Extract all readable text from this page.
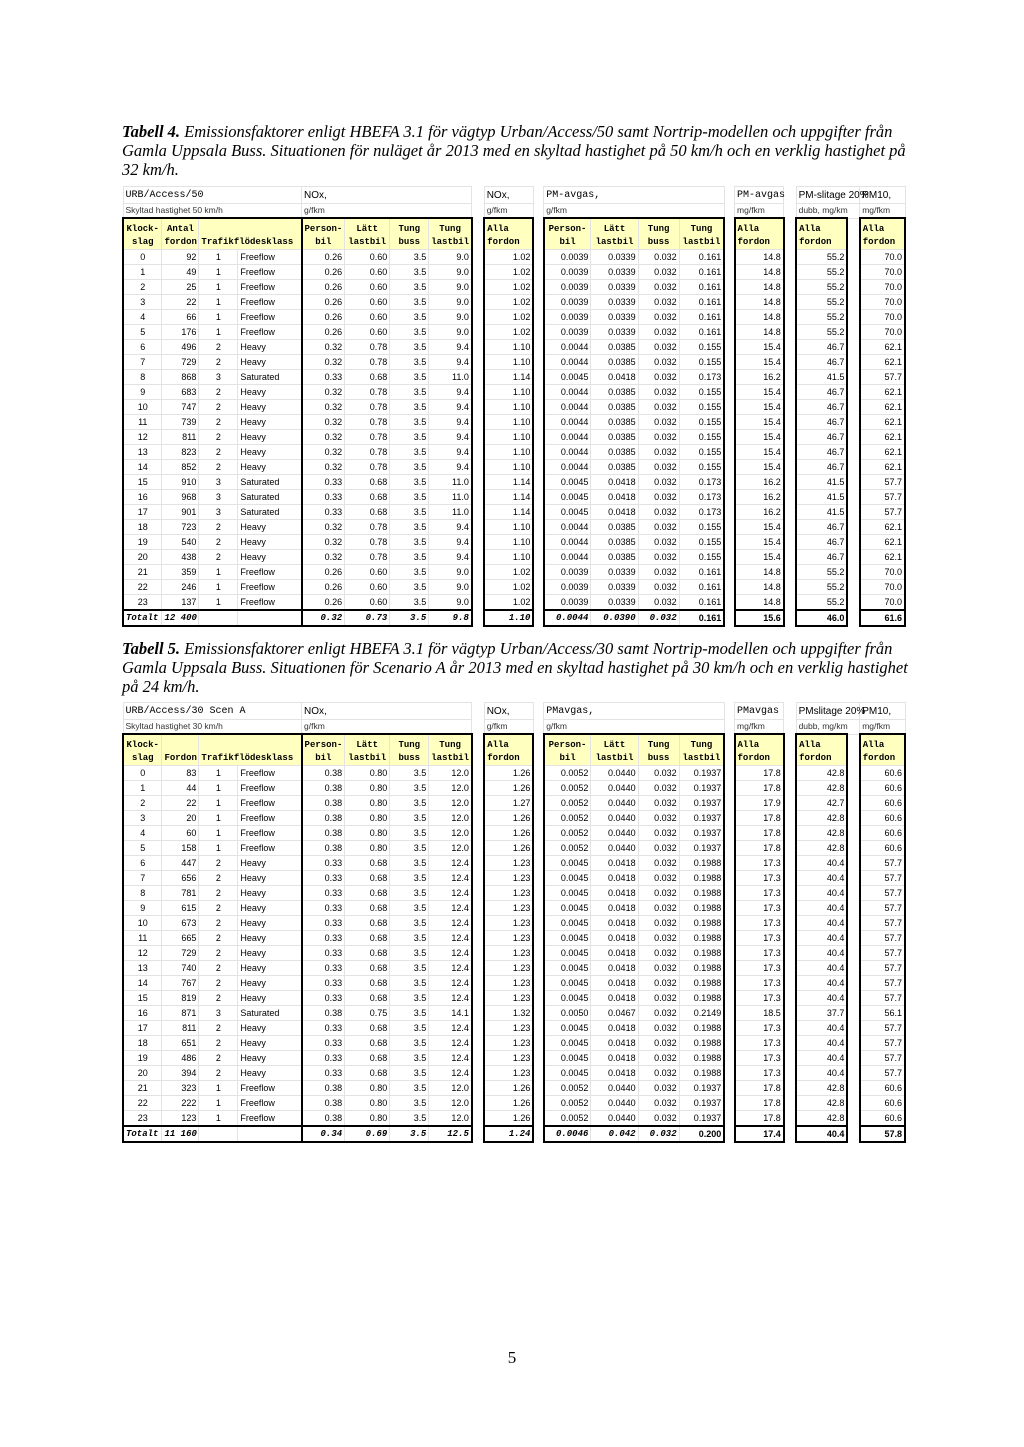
Tabell 4. Emissionsfaktorer enligt HBEFA 3.1 för vägtyp Urban/Access/50 samt Nortrip-modellen och uppgifter från Gamla Uppsala Buss. Situationen för nuläget år 2013 med en skyltad hastighet på 50 km/h och en verklig hastighet på 32 km/h.
URB/Access/50				NOx,					NOx,		PM-avgas,					PM-avgas		PM-slitage 20%		PM10,
Skyltad hastighet 50 km/h				g/fkm					g/fkm		g/fkm					mg/fkm		dubb, mg/km		mg/fkm
Klock-slag	Antal fordon	Trafikflödesklass		Person-bil	Lätt lastbil	Tung buss	Tung lastbil		Alla fordon		Person-bil	Lätt lastbil	Tung buss	Tung lastbil		Alla fordon		Alla fordon		Alla fordon
0	92	1	Freeflow	0.26	0.60	3.5	9.0		1.02		0.0039	0.0339	0.032	0.161		14.8		55.2		70.0
1	49	1	Freeflow	0.26	0.60	3.5	9.0		1.02		0.0039	0.0339	0.032	0.161		14.8		55.2		70.0
2	25	1	Freeflow	0.26	0.60	3.5	9.0		1.02		0.0039	0.0339	0.032	0.161		14.8		55.2		70.0
3	22	1	Freeflow	0.26	0.60	3.5	9.0		1.02		0.0039	0.0339	0.032	0.161		14.8		55.2		70.0
4	66	1	Freeflow	0.26	0.60	3.5	9.0		1.02		0.0039	0.0339	0.032	0.161		14.8		55.2		70.0
5	176	1	Freeflow	0.26	0.60	3.5	9.0		1.02		0.0039	0.0339	0.032	0.161		14.8		55.2		70.0
6	496	2	Heavy	0.32	0.78	3.5	9.4		1.10		0.0044	0.0385	0.032	0.155		15.4		46.7		62.1
7	729	2	Heavy	0.32	0.78	3.5	9.4		1.10		0.0044	0.0385	0.032	0.155		15.4		46.7		62.1
8	868	3	Saturated	0.33	0.68	3.5	11.0		1.14		0.0045	0.0418	0.032	0.173		16.2		41.5		57.7
9	683	2	Heavy	0.32	0.78	3.5	9.4		1.10		0.0044	0.0385	0.032	0.155		15.4		46.7		62.1
10	747	2	Heavy	0.32	0.78	3.5	9.4		1.10		0.0044	0.0385	0.032	0.155		15.4		46.7		62.1
11	739	2	Heavy	0.32	0.78	3.5	9.4		1.10		0.0044	0.0385	0.032	0.155		15.4		46.7		62.1
12	811	2	Heavy	0.32	0.78	3.5	9.4		1.10		0.0044	0.0385	0.032	0.155		15.4		46.7		62.1
13	823	2	Heavy	0.32	0.78	3.5	9.4		1.10		0.0044	0.0385	0.032	0.155		15.4		46.7		62.1
14	852	2	Heavy	0.32	0.78	3.5	9.4		1.10		0.0044	0.0385	0.032	0.155		15.4		46.7		62.1
15	910	3	Saturated	0.33	0.68	3.5	11.0		1.14		0.0045	0.0418	0.032	0.173		16.2		41.5		57.7
16	968	3	Saturated	0.33	0.68	3.5	11.0		1.14		0.0045	0.0418	0.032	0.173		16.2		41.5		57.7
17	901	3	Saturated	0.33	0.68	3.5	11.0		1.14		0.0045	0.0418	0.032	0.173		16.2		41.5		57.7
18	723	2	Heavy	0.32	0.78	3.5	9.4		1.10		0.0044	0.0385	0.032	0.155		15.4		46.7		62.1
19	540	2	Heavy	0.32	0.78	3.5	9.4		1.10		0.0044	0.0385	0.032	0.155		15.4		46.7		62.1
20	438	2	Heavy	0.32	0.78	3.5	9.4		1.10		0.0044	0.0385	0.032	0.155		15.4		46.7		62.1
21	359	1	Freeflow	0.26	0.60	3.5	9.0		1.02		0.0039	0.0339	0.032	0.161		14.8		55.2		70.0
22	246	1	Freeflow	0.26	0.60	3.5	9.0		1.02		0.0039	0.0339	0.032	0.161		14.8		55.2		70.0
23	137	1	Freeflow	0.26	0.60	3.5	9.0		1.02		0.0039	0.0339	0.032	0.161		14.8		55.2		70.0
Totalt	12 400			0.32	0.73	3.5	9.8		1.10		0.0044	0.0390	0.032	0.161		15.6		46.0		61.6
Tabell 5. Emissionsfaktorer enligt HBEFA 3.1 för vägtyp Urban/Access/30 samt Nortrip-modellen och uppgifter från Gamla Uppsala Buss. Situationen för Scenario A år 2013 med en skyltad hastighet på 30 km/h och en verklig hastighet på 24 km/h.
URB/Access/30 Scen A				NOx,					NOx,		PMavgas,					PMavgas		PMslitage 20%		PM10,
Skyltad hastighet 30 km/h				g/fkm					g/fkm		g/fkm					mg/fkm		dubb, mg/km		mg/fkm
Klock-slag	Fordon	Trafikflödesklass		Person-bil	Lätt lastbil	Tung buss	Tung lastbil		Alla fordon		Person-bil	Lätt lastbil	Tung buss	Tung lastbil		Alla fordon		Alla fordon		Alla fordon
0	83	1	Freeflow	0.38	0.80	3.5	12.0		1.26		0.0052	0.0440	0.032	0.1937		17.8		42.8		60.6
1	44	1	Freeflow	0.38	0.80	3.5	12.0		1.26		0.0052	0.0440	0.032	0.1937		17.8		42.8		60.6
2	22	1	Freeflow	0.38	0.80	3.5	12.0		1.27		0.0052	0.0440	0.032	0.1937		17.9		42.7		60.6
3	20	1	Freeflow	0.38	0.80	3.5	12.0		1.26		0.0052	0.0440	0.032	0.1937		17.8		42.8		60.6
4	60	1	Freeflow	0.38	0.80	3.5	12.0		1.26		0.0052	0.0440	0.032	0.1937		17.8		42.8		60.6
5	158	1	Freeflow	0.38	0.80	3.5	12.0		1.26		0.0052	0.0440	0.032	0.1937		17.8		42.8		60.6
6	447	2	Heavy	0.33	0.68	3.5	12.4		1.23		0.0045	0.0418	0.032	0.1988		17.3		40.4		57.7
7	656	2	Heavy	0.33	0.68	3.5	12.4		1.23		0.0045	0.0418	0.032	0.1988		17.3		40.4		57.7
8	781	2	Heavy	0.33	0.68	3.5	12.4		1.23		0.0045	0.0418	0.032	0.1988		17.3		40.4		57.7
9	615	2	Heavy	0.33	0.68	3.5	12.4		1.23		0.0045	0.0418	0.032	0.1988		17.3		40.4		57.7
10	673	2	Heavy	0.33	0.68	3.5	12.4		1.23		0.0045	0.0418	0.032	0.1988		17.3		40.4		57.7
11	665	2	Heavy	0.33	0.68	3.5	12.4		1.23		0.0045	0.0418	0.032	0.1988		17.3		40.4		57.7
12	729	2	Heavy	0.33	0.68	3.5	12.4		1.23		0.0045	0.0418	0.032	0.1988		17.3		40.4		57.7
13	740	2	Heavy	0.33	0.68	3.5	12.4		1.23		0.0045	0.0418	0.032	0.1988		17.3		40.4		57.7
14	767	2	Heavy	0.33	0.68	3.5	12.4		1.23		0.0045	0.0418	0.032	0.1988		17.3		40.4		57.7
15	819	2	Heavy	0.33	0.68	3.5	12.4		1.23		0.0045	0.0418	0.032	0.1988		17.3		40.4		57.7
16	871	3	Saturated	0.38	0.75	3.5	14.1		1.32		0.0050	0.0467	0.032	0.2149		18.5		37.7		56.1
17	811	2	Heavy	0.33	0.68	3.5	12.4		1.23		0.0045	0.0418	0.032	0.1988		17.3		40.4		57.7
18	651	2	Heavy	0.33	0.68	3.5	12.4		1.23		0.0045	0.0418	0.032	0.1988		17.3		40.4		57.7
19	486	2	Heavy	0.33	0.68	3.5	12.4		1.23		0.0045	0.0418	0.032	0.1988		17.3		40.4		57.7
20	394	2	Heavy	0.33	0.68	3.5	12.4		1.23		0.0045	0.0418	0.032	0.1988		17.3		40.4		57.7
21	323	1	Freeflow	0.38	0.80	3.5	12.0		1.26		0.0052	0.0440	0.032	0.1937		17.8		42.8		60.6
22	222	1	Freeflow	0.38	0.80	3.5	12.0		1.26		0.0052	0.0440	0.032	0.1937		17.8		42.8		60.6
23	123	1	Freeflow	0.38	0.80	3.5	12.0		1.26		0.0052	0.0440	0.032	0.1937		17.8		42.8		60.6
Totalt	11 160			0.34	0.69	3.5	12.5		1.24		0.0046	0.042	0.032	0.200		17.4		40.4		57.8
5
